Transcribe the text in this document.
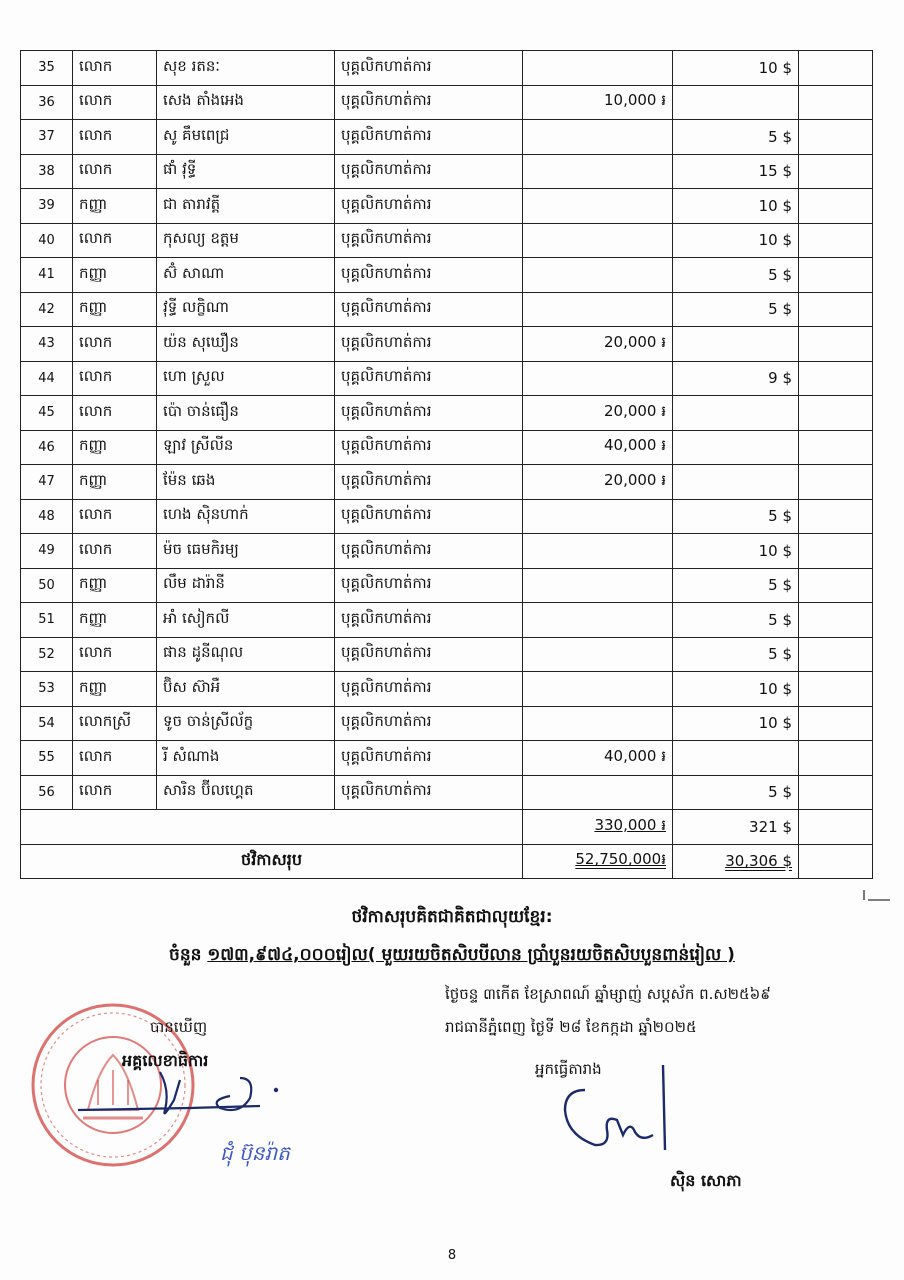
35	លោក	សុខ រតនៈ	បុគ្គលិកហាត់ការ		10 $	
36	លោក	សេង តាំងអេង	បុគ្គលិកហាត់ការ	10,000 ៛		
37	លោក	សូ គឹមពេជ្រ	បុគ្គលិកហាត់ការ		5 $	
38	លោក	ផាំ វុទ្ធី	បុគ្គលិកហាត់ការ		15 $	
39	កញ្ញា	ជា តារាវត្តី	បុគ្គលិកហាត់ការ		10 $	
40	លោក	កុសល្យ ឧត្តម	បុគ្គលិកហាត់ការ		10 $	
41	កញ្ញា	ស៊ំ សាណា	បុគ្គលិកហាត់ការ		5 $	
42	កញ្ញា	វុទ្ធី លក្ខិណា	បុគ្គលិកហាត់ការ		5 $	
43	លោក	យ៉ន សុឃឿន	បុគ្គលិកហាត់ការ	20,000 ៛		
44	លោក	ហោ ស្រួល	បុគ្គលិកហាត់ការ		9 $	
45	លោក	ប៉ោ ចាន់ធឿន	បុគ្គលិកហាត់ការ	20,000 ៛		
46	កញ្ញា	ឡាវ ស្រីលីន	បុគ្គលិកហាត់ការ	40,000 ៛		
47	កញ្ញា	ម៉ែន ឆេង	បុគ្គលិកហាត់ការ	20,000 ៛		
48	លោក	ហេង ស៊ិនហាក់	បុគ្គលិកហាត់ការ		5 $	
49	លោក	ម៉ច ធេមកិរម្យ	បុគ្គលិកហាត់ការ		10 $	
50	កញ្ញា	លឹម ដារ៉ានី	បុគ្គលិកហាត់ការ		5 $	
51	កញ្ញា	អាំ សៀកលី	បុគ្គលិកហាត់ការ		5 $	
52	លោក	ផាន ដូនីណុល	បុគ្គលិកហាត់ការ		5 $	
53	កញ្ញា	ប៊ិស ស៊ាអឺ	បុគ្គលិកហាត់ការ		10 $	
54	លោកស្រី	ទូច ចាន់ស្រីល័ក្ខ	បុគ្គលិកហាត់ការ		10 $	
55	លោក	រី សំណាង	បុគ្គលិកហាត់ការ	40,000 ៛		
56	លោក	សារិន ប៊ីលហ្គេត	បុគ្គលិកហាត់ការ		5 $	
				330,000 ៛	321 $	
ថវិកាសរុប				52,750,000៛	30,306 $	
ថវិកាសរុបគិតជាគិតជាលុយខ្មែរ:
ចំនួន ១៧៣,៩៧៤,០០០រៀល( មួយរយចិតសិបបីលាន ប្រាំបួនរយចិតសិបបួនពាន់រៀល )
ថ្ងៃចន្ទ ៣កើត ខែស្រាពណ៍ ឆ្នាំម្សាញ់ សប្តស័ក ព.ស២៥៦៩
រាជធានីភ្នំពេញ ថ្ងៃទី ២៨ ខែកក្កដា ឆ្នាំ២០២៥
បានឃើញ
អគ្គលេខាធិការ
ជុំ ប៊ុនរ៉ាត
អ្នកធ្វើតារាង
ស៊ិន សោភា
8
